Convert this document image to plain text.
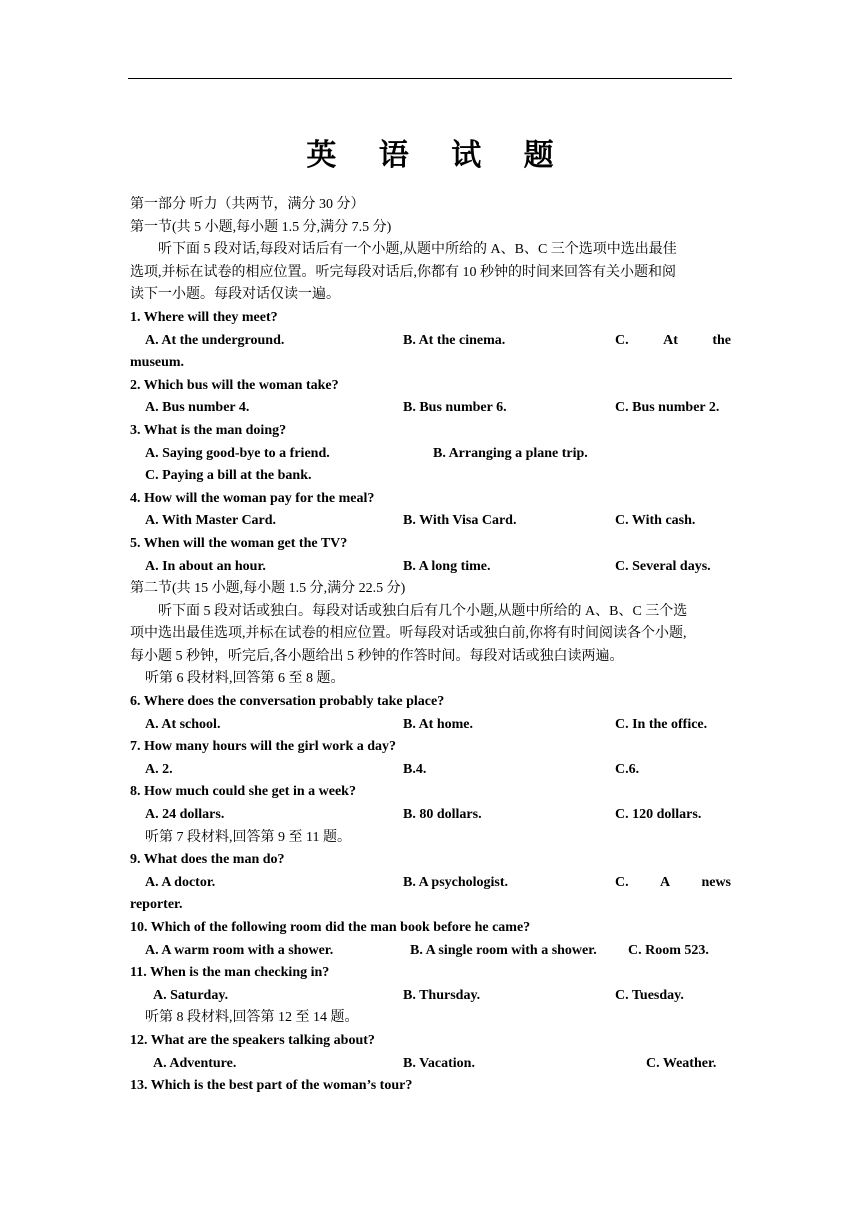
英 语 试 题
第一部分 听力（共两节，满分 30 分）
第一节(共 5 小题,每小题 1.5 分,满分 7.5 分)
听下面 5 段对话,每段对话后有一个小题,从题中所给的 A、B、C 三个选项中选出最佳
选项,并标在试卷的相应位置。听完每段对话后,你都有 10 秒钟的时间来回答有关小题和阅
读下一小题。每段对话仅读一遍。
1. Where will they meet?
A. At the underground.	B. At the cinema.	C. At the
museum.
2. Which bus will the woman take?
A. Bus number 4.	B. Bus number 6.	C. Bus number 2.
3. What is the man doing?
A. Saying good-bye to a friend.	B. Arranging a plane trip.
C. Paying a bill at the bank.
4. How will the woman pay for the meal?
A. With Master Card.	B. With Visa Card.	C. With cash.
5. When will the woman get the TV?
A. In about an hour.	B. A long time.	C. Several days.
第二节(共 15 小题,每小题 1.5 分,满分 22.5 分)
听下面 5 段对话或独白。每段对话或独白后有几个小题,从题中所给的 A、B、C 三个选
项中选出最佳选项,并标在试卷的相应位置。听每段对话或独白前,你将有时间阅读各个小题,
每小题 5 秒钟，听完后,各小题给出 5 秒钟的作答时间。每段对话或独白读两遍。
听第 6 段材料,回答第 6 至 8 题。
6. Where does the conversation probably take place?
A. At school.	B. At home.	C. In the office.
7. How many hours will the girl work a day?
A. 2.	B.4.	C.6.
8. How much could she get in a week?
A. 24 dollars.	B. 80 dollars.	C. 120 dollars.
听第 7 段材料,回答第 9 至 11 题。
9. What does the man do?
A. A doctor.	B. A psychologist.	C. A news
reporter.
10. Which of the following room did the man book before he came?
A. A warm room with a shower.	B. A single room with a shower. C. Room 523.
11. When is the man checking in?
A. Saturday.	B. Thursday.	C. Tuesday.
听第 8 段材料,回答第 12 至 14 题。
12. What are the speakers talking about?
A. Adventure.	B. Vacation.	C. Weather.
13. Which is the best part of the woman’s tour?
